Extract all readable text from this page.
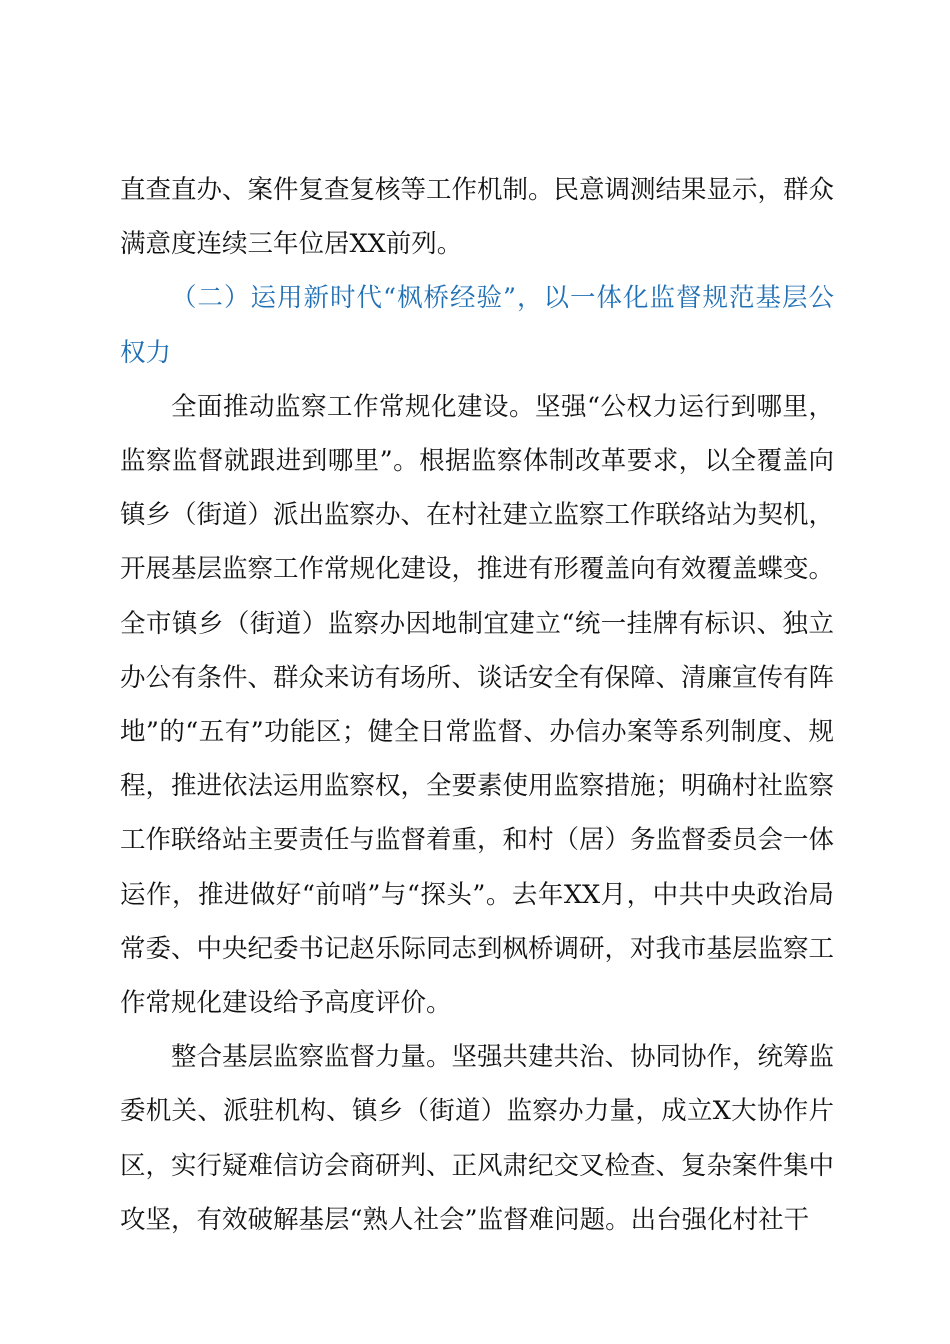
直查直办、案件复查复核等工作机制。民意调测结果显示，群众满意度连续三年位居XX前列。

（二）运用新时代“枫桥经验”，以一体化监督规范基层公权力

全面推动监察工作常规化建设。坚强“公权力运行到哪里，监察监督就跟进到哪里”。根据监察体制改革要求，以全覆盖向镇乡（街道）派出监察办、在村社建立监察工作联络站为契机，开展基层监察工作常规化建设，推进有形覆盖向有效覆盖蝶变。全市镇乡（街道）监察办因地制宜建立“统一挂牌有标识、独立办公有条件、群众来访有场所、谈话安全有保障、清廉宣传有阵地”的“五有”功能区；健全日常监督、办信办案等系列制度、规程，推进依法运用监察权，全要素使用监察措施；明确村社监察工作联络站主要责任与监督着重，和村（居）务监督委员会一体运作，推进做好“前哨”与“探头”。去年XX月，中共中央政治局常委、中央纪委书记赵乐际同志到枫桥调研，对我市基层监察工作常规化建设给予高度评价。

整合基层监察监督力量。坚强共建共治、协同协作，统筹监委机关、派驻机构、镇乡（街道）监察办力量，成立X大协作片区，实行疑难信访会商研判、正风肃纪交叉检查、复杂案件集中攻坚，有效破解基层“熟人社会”监督难问题。出台强化村社干
